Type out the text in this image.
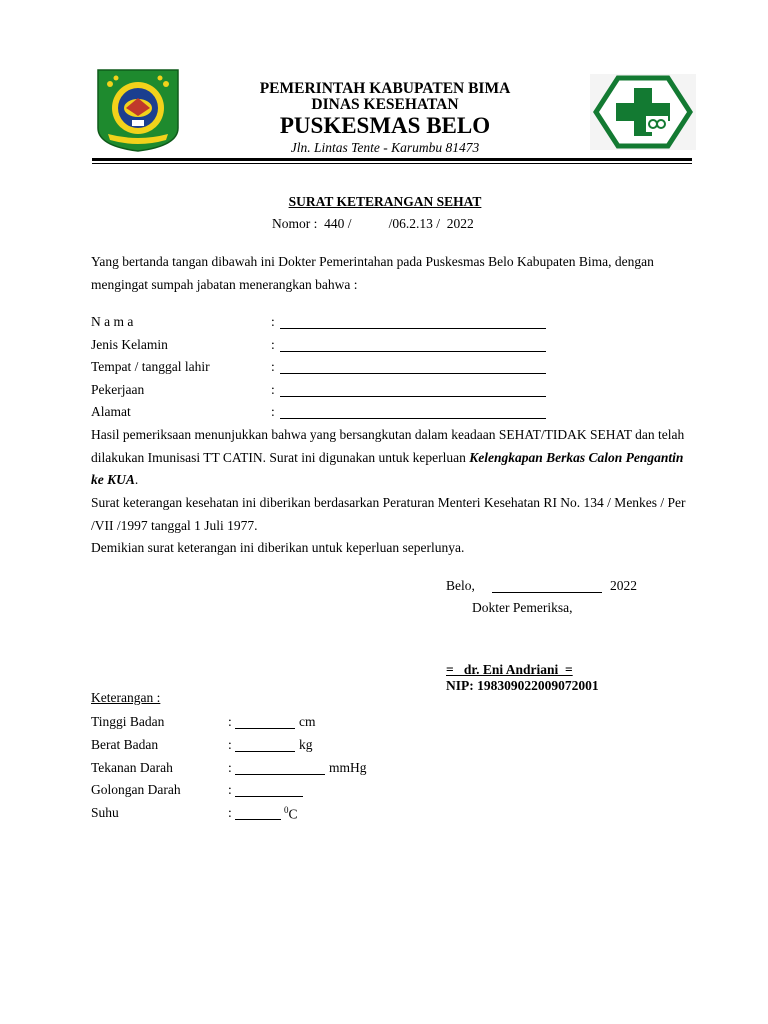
PEMERINTAH KABUPATEN BIMA
DINAS KESEHATAN
PUSKESMAS BELO
Jln. Lintas Tente - Karumbu 81473
SURAT KETERANGAN SEHAT
Nomor :  440 /           /06.2.13 /  2022
Yang bertanda tangan dibawah ini Dokter Pemerintahan pada Puskesmas Belo Kabupaten Bima, dengan mengingat sumpah jabatan menerangkan bahwa :
N a m a	:
Jenis Kelamin	:
Tempat / tanggal lahir	:
Pekerjaan	:
Alamat	:
Hasil pemeriksaan menunjukkan bahwa yang bersangkutan dalam keadaan SEHAT/TIDAK SEHAT dan telah dilakukan Imunisasi TT CATIN. Surat ini digunakan untuk keperluan Kelengkapan Berkas Calon Pengantin ke KUA.
Surat keterangan kesehatan ini diberikan berdasarkan Peraturan Menteri Kesehatan RI No. 134 / Menkes / Per /VII /1997 tanggal 1 Juli 1977.
Demikian surat keterangan ini diberikan untuk keperluan seperlunya.
Belo,	2022
Dokter Pemeriksa,
=   dr. Eni Andriani  =
NIP: 198309022009072001
Keterangan :
Tinggi Badan	:	cm
Berat Badan	:	kg
Tekanan Darah	:	mmHg
Golongan Darah	:
Suhu	:	$^0$C
